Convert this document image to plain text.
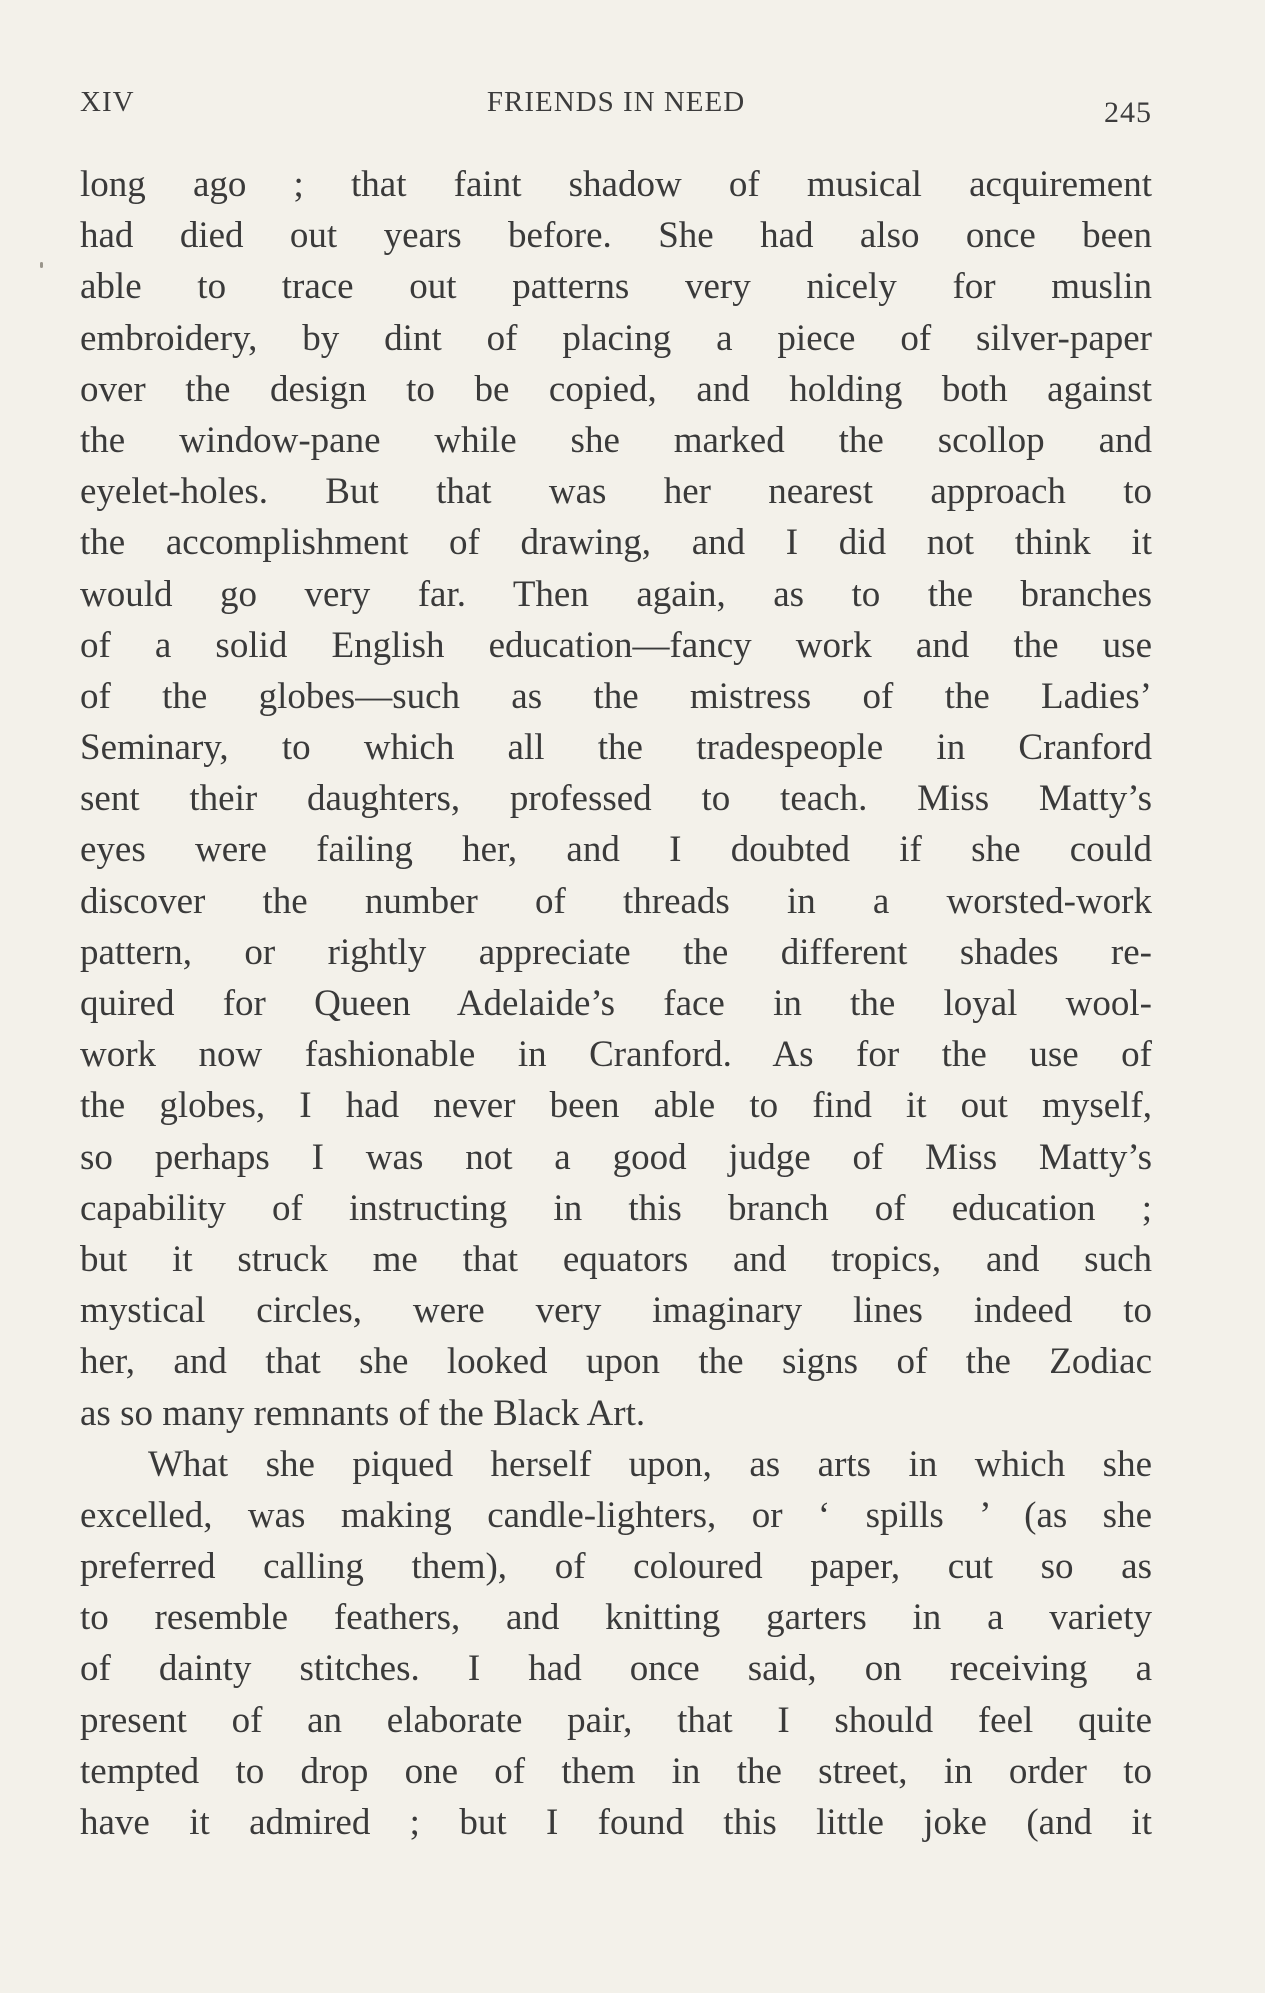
XIV	FRIENDS IN NEED	245
long ago ; that faint shadow of musical acquirement
had died out years before. She had also once been
able to trace out patterns very nicely for muslin
embroidery, by dint of placing a piece of silver-paper
over the design to be copied, and holding both against
the window-pane while she marked the scollop and
eyelet-holes. But that was her nearest approach to
the accomplishment of drawing, and I did not think it
would go very far. Then again, as to the branches
of a solid English education—fancy work and the use
of the globes—such as the mistress of the Ladies’
Seminary, to which all the tradespeople in Cranford
sent their daughters, professed to teach. Miss Matty’s
eyes were failing her, and I doubted if she could
discover the number of threads in a worsted-work
pattern, or rightly appreciate the different shades re-
quired for Queen Adelaide’s face in the loyal wool-
work now fashionable in Cranford. As for the use of
the globes, I had never been able to find it out myself,
so perhaps I was not a good judge of Miss Matty’s
capability of instructing in this branch of education ;
but it struck me that equators and tropics, and such
mystical circles, were very imaginary lines indeed to
her, and that she looked upon the signs of the Zodiac
as so many remnants of the Black Art.
What she piqued herself upon, as arts in which she
excelled, was making candle-lighters, or ‘ spills ’ (as she
preferred calling them), of coloured paper, cut so as
to resemble feathers, and knitting garters in a variety
of dainty stitches. I had once said, on receiving a
present of an elaborate pair, that I should feel quite
tempted to drop one of them in the street, in order to
have it admired ; but I found this little joke (and it
